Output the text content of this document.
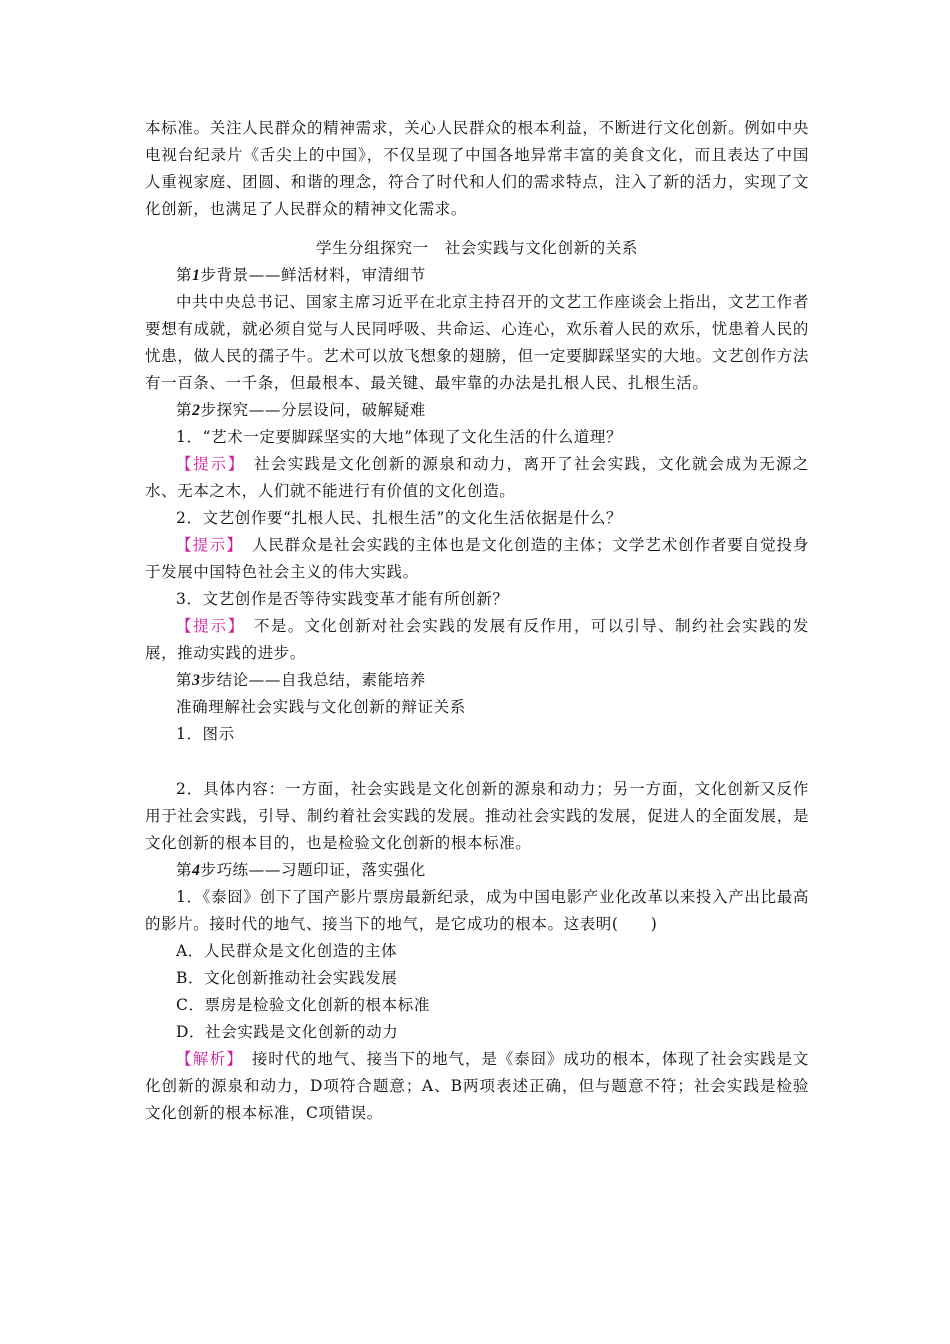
本标准。关注人民群众的精神需求，关心人民群众的根本利益，不断进行文化创新。例如中央电视台纪录片《舌尖上的中国》，不仅呈现了中国各地异常丰富的美食文化，而且表达了中国人重视家庭、团圆、和谐的理念，符合了时代和人们的需求特点，注入了新的活力，实现了文化创新，也满足了人民群众的精神文化需求。

学生分组探究一　社会实践与文化创新的关系

第1步背景——鲜活材料，审清细节

中共中央总书记、国家主席习近平在北京主持召开的文艺工作座谈会上指出，文艺工作者要想有成就，就必须自觉与人民同呼吸、共命运、心连心，欢乐着人民的欢乐，忧患着人民的忧患，做人民的孺子牛。艺术可以放飞想象的翅膀，但一定要脚踩坚实的大地。文艺创作方法有一百条、一千条，但最根本、最关键、最牢靠的办法是扎根人民、扎根生活。

第2步探究——分层设问，破解疑难

1．“艺术一定要脚踩坚实的大地”体现了文化生活的什么道理？

【提示】　 社会实践是文化创新的源泉和动力，离开了社会实践，文化就会成为无源之水、无本之木，人们就不能进行有价值的文化创造。

2．文艺创作要“扎根人民、扎根生活”的文化生活依据是什么？

【提示】　 人民群众是社会实践的主体也是文化创造的主体；文学艺术创作者要自觉投身于发展中国特色社会主义的伟大实践。

3．文艺创作是否等待实践变革才能有所创新？

【提示】　 不是。文化创新对社会实践的发展有反作用，可以引导、制约社会实践的发展，推动实践的进步。

第3步结论——自我总结，素能培养

准确理解社会实践与文化创新的辩证关系

1．图示

2．具体内容：一方面，社会实践是文化创新的源泉和动力；另一方面，文化创新又反作用于社会实践，引导、制约着社会实践的发展。推动社会实践的发展，促进人的全面发展，是文化创新的根本目的，也是检验文化创新的根本标准。

第4步巧练——习题印证，落实强化

1．《泰囧》创下了国产影片票房最新纪录，成为中国电影产业化改革以来投入产出比最高的影片。接时代的地气、接当下的地气，是它成功的根本。这表明(　　)

A．人民群众是文化创造的主体

B．文化创新推动社会实践发展

C．票房是检验文化创新的根本标准

D．社会实践是文化创新的动力

【解析】　 接时代的地气、接当下的地气，是《泰囧》成功的根本，体现了社会实践是文化创新的源泉和动力，D项符合题意；A、B两项表述正确，但与题意不符；社会实践是检验文化创新的根本标准，C项错误。
